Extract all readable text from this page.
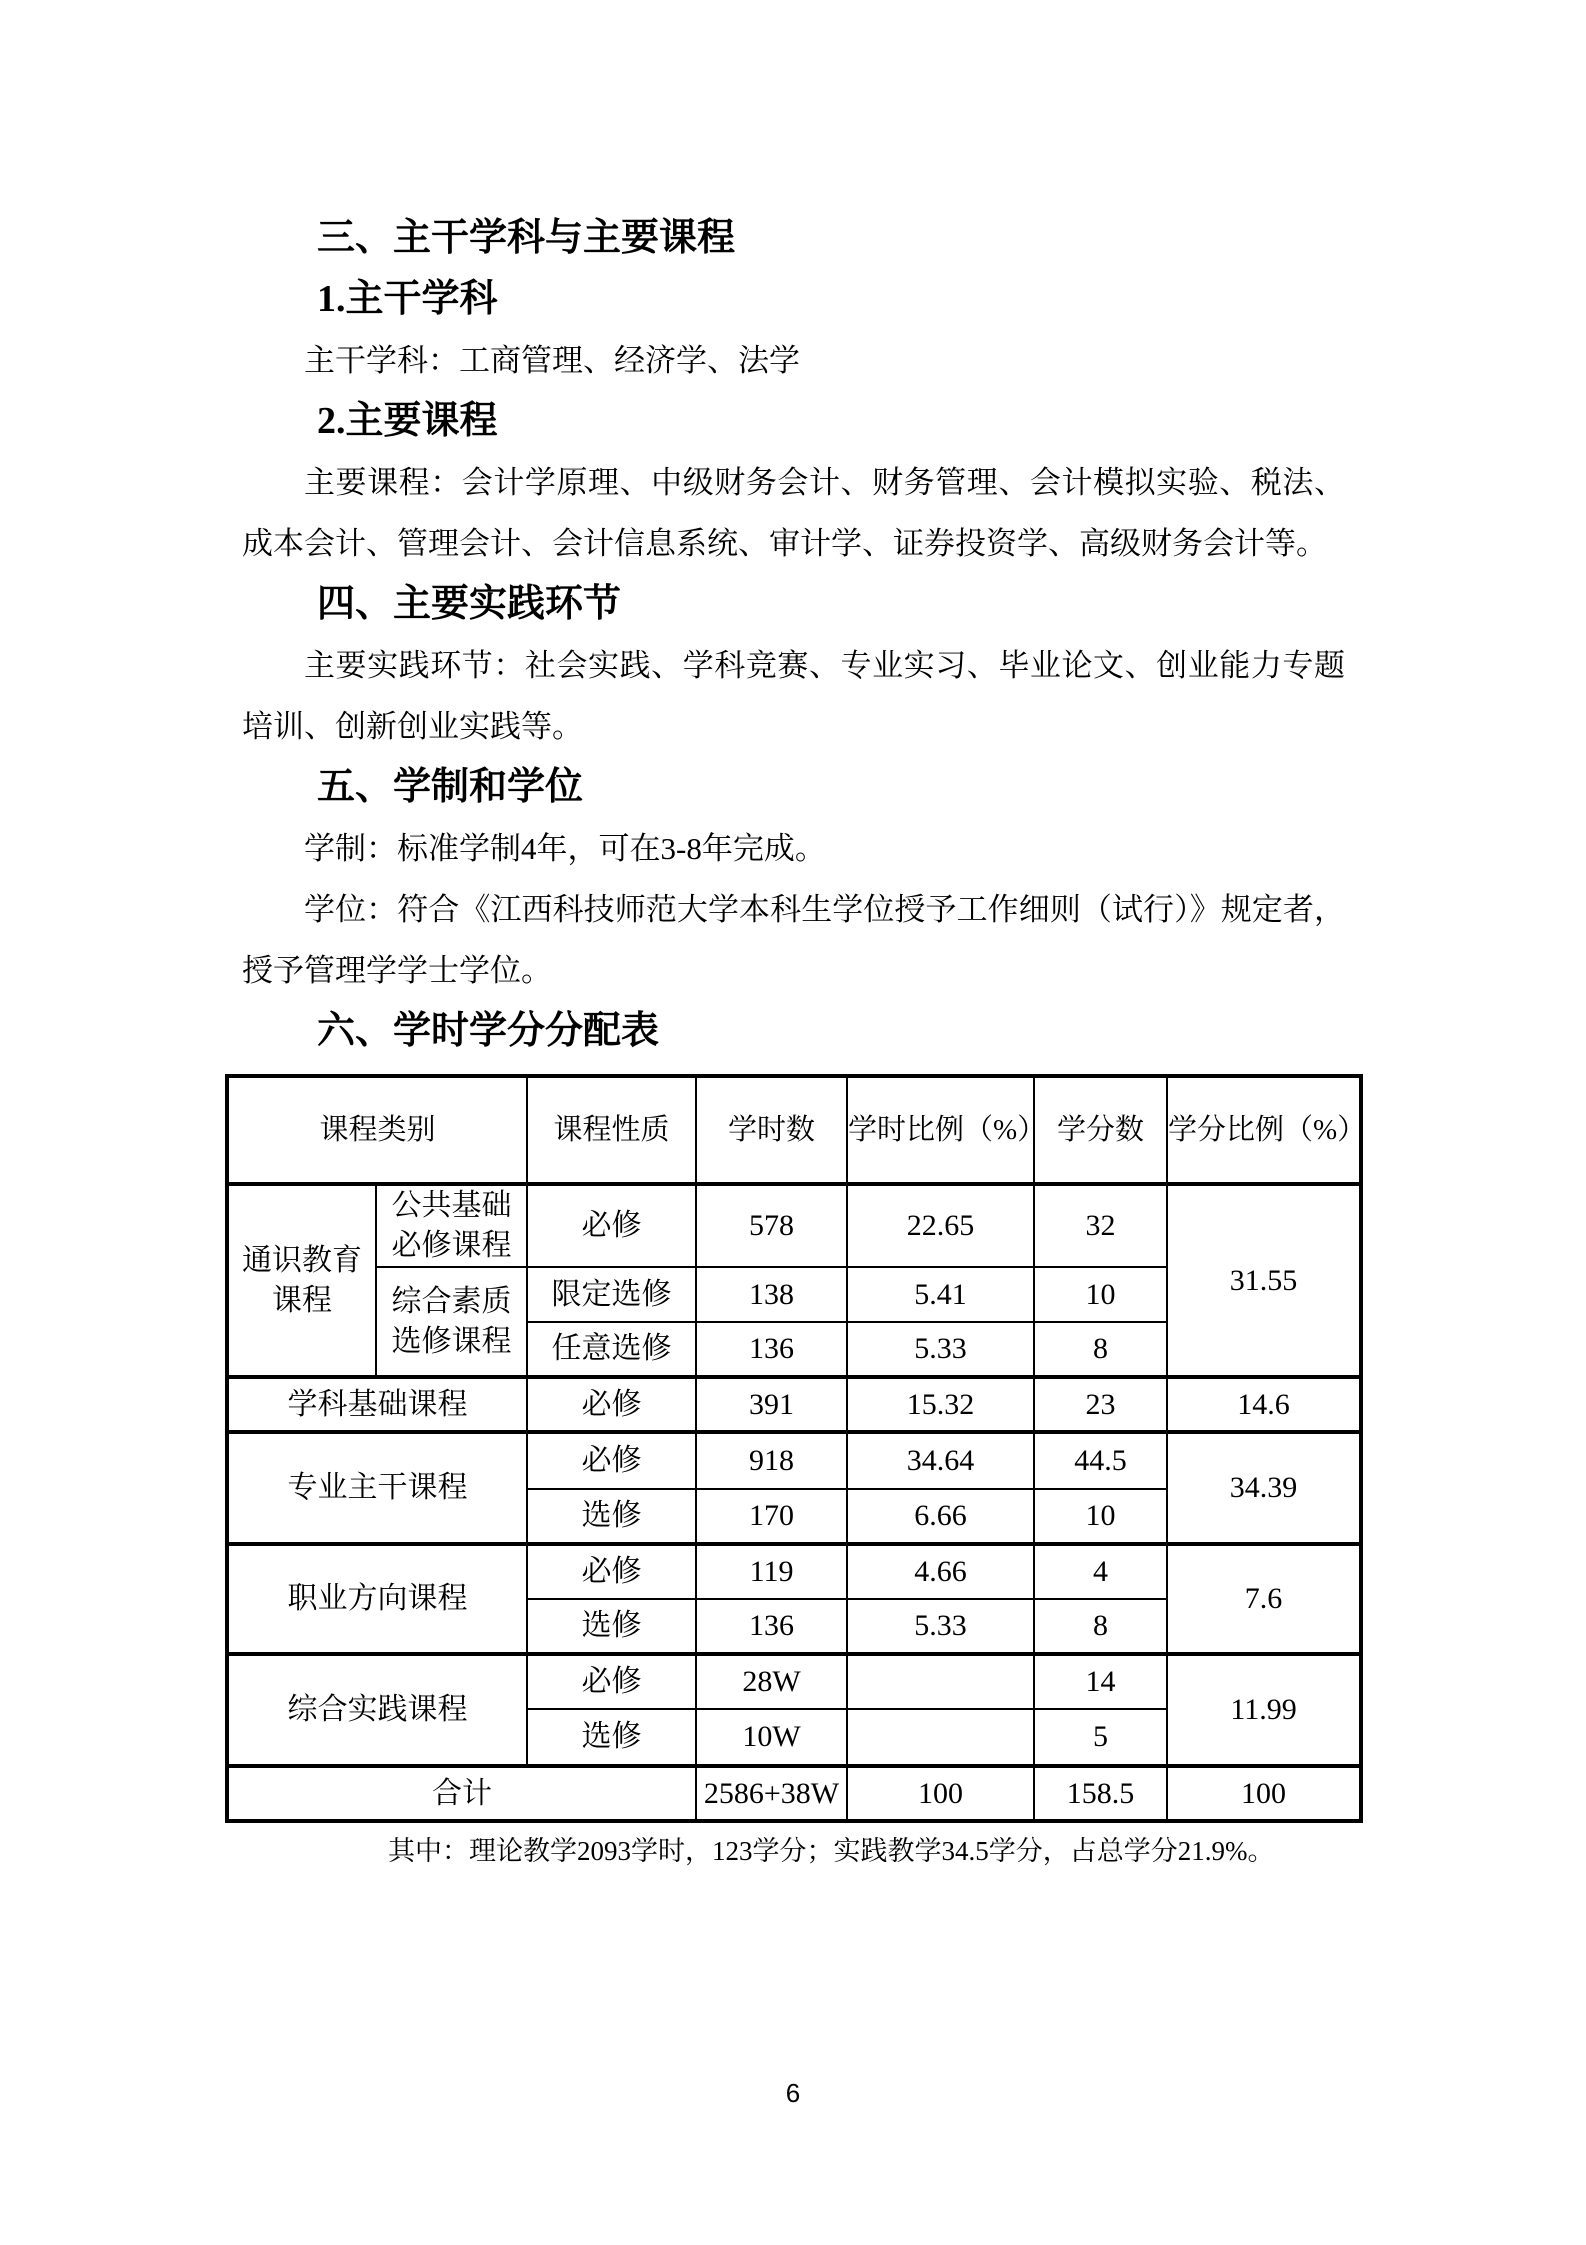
三、主干学科与主要课程
1.主干学科

主干学科：工商管理、经济学、法学

2.主要课程

主要课程：会计学原理、中级财务会计、财务管理、会计模拟实验、税法、成本会计、管理会计、会计信息系统、审计学、证券投资学、高级财务会计等。

四、主要实践环节

主要实践环节：社会实践、学科竞赛、专业实习、毕业论文、创业能力专题培训、创新创业实践等。

五、学制和学位

学制：标准学制4年，可在3-8年完成。

学位：符合《江西科技师范大学本科生学位授予工作细则（试行）》规定者，授予管理学学士学位。

六、学时学分分配表
课程类别		课程性质	学时数	学时比例（%）	学分数	学分比例（%）
通识教育课程	公共基础必修课程	必修	578	22.65	32	31.55
	综合素质选修课程	限定选修	138	5.41	10	
		任意选修	136	5.33	8	
学科基础课程		必修	391	15.32	23	14.6
专业主干课程		必修	918	34.64	44.5	34.39
		选修	170	6.66	10	
职业方向课程		必修	119	4.66	4	7.6
		选修	136	5.33	8	
综合实践课程		必修	28W		14	11.99
		选修	10W		5	
合计			2586+38W	100	158.5	100

其中：理论教学2093学时，123学分；实践教学34.5学分，占总学分21.9%。

6
